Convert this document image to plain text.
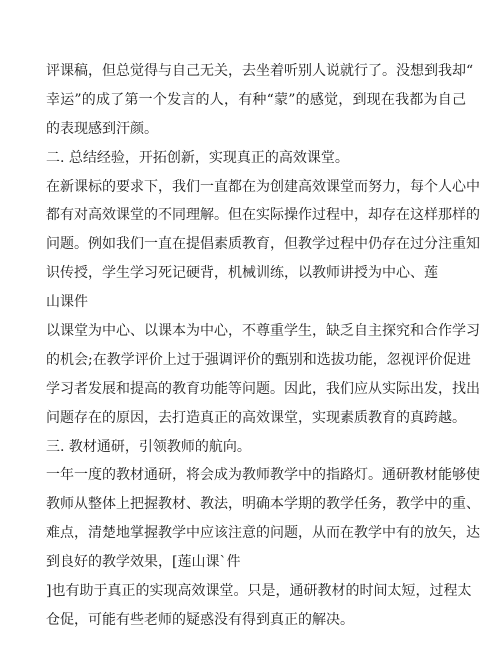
评课稿，但总觉得与自己无关，去坐着听别人说就行了。没想到我却“
幸运”的成了第一个发言的人，有种“蒙”的感觉，到现在我都为自己
的表现感到汗颜。
二. 总结经验，开拓创新，实现真正的高效课堂。
在新课标的要求下，我们一直都在为创建高效课堂而努力，每个人心中
都有对高效课堂的不同理解。但在实际操作过程中，却存在这样那样的
问题。例如我们一直在提倡素质教育，但教学过程中仍存在过分注重知
识传授，学生学习死记硬背，机械训练，以教师讲授为中心、莲
山课件
以课堂为中心、以课本为中心，不尊重学生，缺乏自主探究和合作学习
的机会;在教学评价上过于强调评价的甄别和选拔功能，忽视评价促进
学习者发展和提高的教育功能等问题。因此，我们应从实际出发，找出
问题存在的原因，去打造真正的高效课堂，实现素质教育的真跨越。
三. 教材通研，引领教师的航向。
一年一度的教材通研，将会成为教师教学中的指路灯。通研教材能够使
教师从整体上把握教材、教法，明确本学期的教学任务，教学中的重、
难点，清楚地掌握教学中应该注意的问题，从而在教学中有的放矢，达
到良好的教学效果，[莲山课`件
]也有助于真正的实现高效课堂。只是，通研教材的时间太短，过程太
仓促，可能有些老师的疑惑没有得到真正的解决。
